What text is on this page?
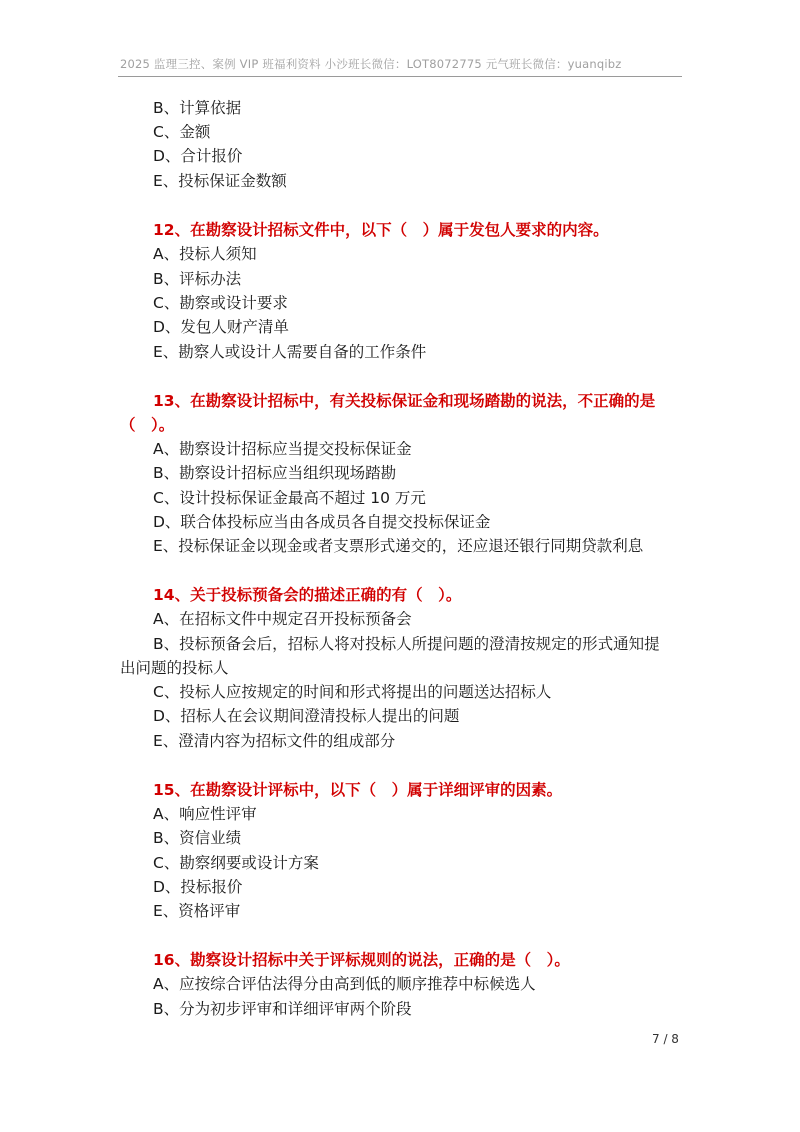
2025 监理三控、案例 VIP 班福利资料 小沙班长微信：LOT8072775 元气班长微信：yuanqibz
B、计算依据
C、金额
D、合计报价
E、投标保证金数额
12、在勘察设计招标文件中，以下（　）属于发包人要求的内容。
A、投标人须知
B、评标办法
C、勘察或设计要求
D、发包人财产清单
E、勘察人或设计人需要自备的工作条件
13、在勘察设计招标中，有关投标保证金和现场踏勘的说法，不正确的是
（　）。
A、勘察设计招标应当提交投标保证金
B、勘察设计招标应当组织现场踏勘
C、设计投标保证金最高不超过 10 万元
D、联合体投标应当由各成员各自提交投标保证金
E、投标保证金以现金或者支票形式递交的，还应退还银行同期贷款利息
14、关于投标预备会的描述正确的有（　）。
A、在招标文件中规定召开投标预备会
B、投标预备会后，招标人将对投标人所提问题的澄清按规定的形式通知提
出问题的投标人
C、投标人应按规定的时间和形式将提出的问题送达招标人
D、招标人在会议期间澄清投标人提出的问题
E、澄清内容为招标文件的组成部分
15、在勘察设计评标中，以下（　）属于详细评审的因素。
A、响应性评审
B、资信业绩
C、勘察纲要或设计方案
D、投标报价
E、资格评审
16、勘察设计招标中关于评标规则的说法，正确的是（　）。
A、应按综合评估法得分由高到低的顺序推荐中标候选人
B、分为初步评审和详细评审两个阶段
7 / 8
